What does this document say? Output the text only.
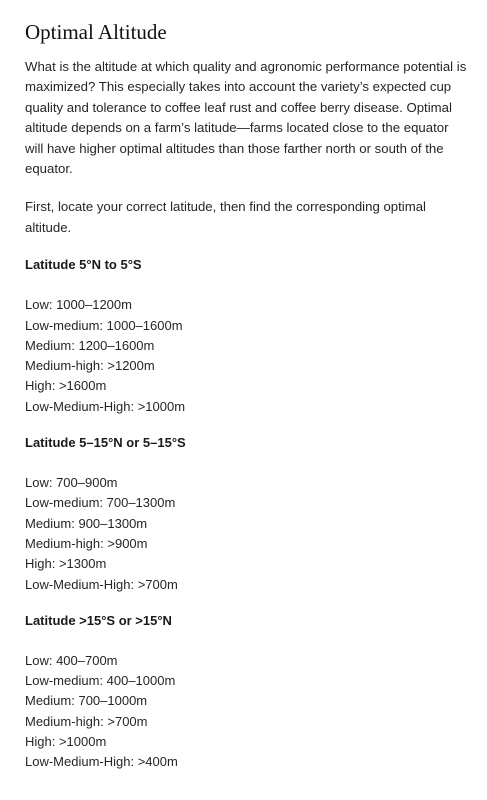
Optimal Altitude

What is the altitude at which quality and agronomic performance potential is maximized? This especially takes into account the variety’s expected cup quality and tolerance to coffee leaf rust and coffee berry disease. Optimal altitude depends on a farm’s latitude—farms located close to the equator will have higher optimal altitudes than those farther north or south of the equator.

First, locate your correct latitude, then find the corresponding optimal altitude.

Latitude 5°N to 5°S
Low: 1000–1200m
Low-medium: 1000–1600m
Medium: 1200–1600m
Medium-high: >1200m
High: >1600m
Low-Medium-High: >1000m
Latitude 5–15°N or 5–15°S
Low: 700–900m
Low-medium: 700–1300m
Medium: 900–1300m
Medium-high: >900m
High: >1300m
Low-Medium-High: >700m
Latitude >15°S or >15°N
Low: 400–700m
Low-medium: 400–1000m
Medium: 700–1000m
Medium-high: >700m
High: >1000m
Low-Medium-High: >400m
